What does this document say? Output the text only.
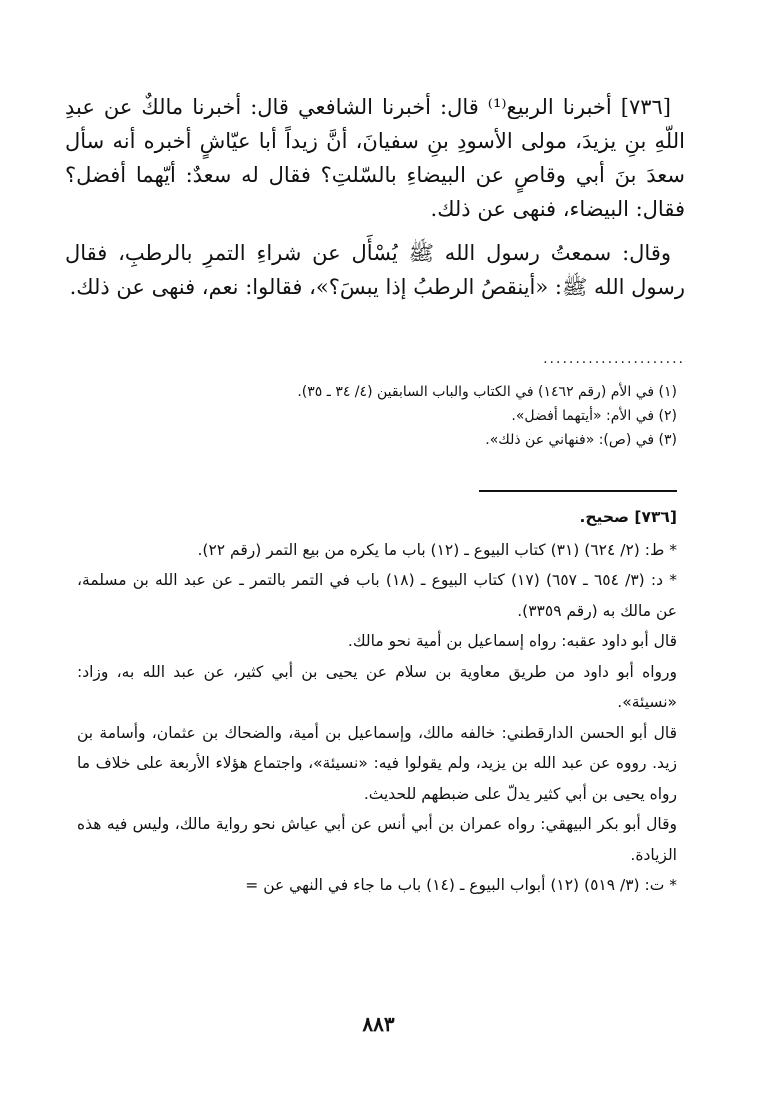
[٧٣٦] أخبرنا الربيع⁽¹⁾ قال: أخبرنا الشافعي قال: أخبرنا مالكٌ عن عبدِ اللّهِ بنِ يزيدَ، مولى الأسودِ بنِ سفيانَ، أنَّ زيداً أبا عيّاشٍ أخبره أنه سأل سعدَ بنَ أبي وقاصٍ عن البيضاءِ بالسّلتِ؟ فقال له سعدٌ: أيّهما أفضل؟ فقال: البيضاء، فنهى عن ذلك.

وقال: سمعتُ رسول الله ﷺ يُسْأَل عن شراءِ التمرِ بالرطبِ، فقال رسول الله ﷺ: «أينقصُ الرطبُ إذا يبسَ؟»، فقالوا: نعم، فنهى عن ذلك.

......................
(١) في الأم (رقم ١٤٦٢) في الكتاب والباب السابقين (٤/ ٣٤ ـ ٣٥).
(٢) في الأم: «أيتهما أفضل».
(٣) في (ص): «فنهاني عن ذلك».
[٧٣٦] صحيح.
* ط: (٢/ ٦٢٤) (٣١) كتاب البيوع ـ (١٢) باب ما يكره من بيع التمر (رقم ٢٢).
* د: (٣/ ٦٥٤ ـ ٦٥٧) (١٧) كتاب البيوع ـ (١٨) باب في التمر بالتمر ـ عن عبد الله بن مسلمة، عن مالك به (رقم ٣٣٥٩).
قال أبو داود عقبه: رواه إسماعيل بن أمية نحو مالك.
ورواه أبو داود من طريق معاوية بن سلام عن يحيى بن أبي كثير، عن عبد الله به، وزاد: «نسيئة».
قال أبو الحسن الدارقطني: خالفه مالك، وإسماعيل بن أمية، والضحاك بن عثمان، وأسامة بن زيد. رووه عن عبد الله بن يزيد، ولم يقولوا فيه: «نسيئة»، واجتماع هؤلاء الأربعة على خلاف ما رواه يحيى بن أبي كثير يدلّ على ضبطهم للحديث.
وقال أبو بكر البيهقي: رواه عمران بن أبي أنس عن أبي عياش نحو رواية مالك، وليس فيه هذه الزيادة.
* ت: (٣/ ٥١٩) (١٢) أبواب البيوع ـ (١٤) باب ما جاء في النهي عن =
٨٨٣
